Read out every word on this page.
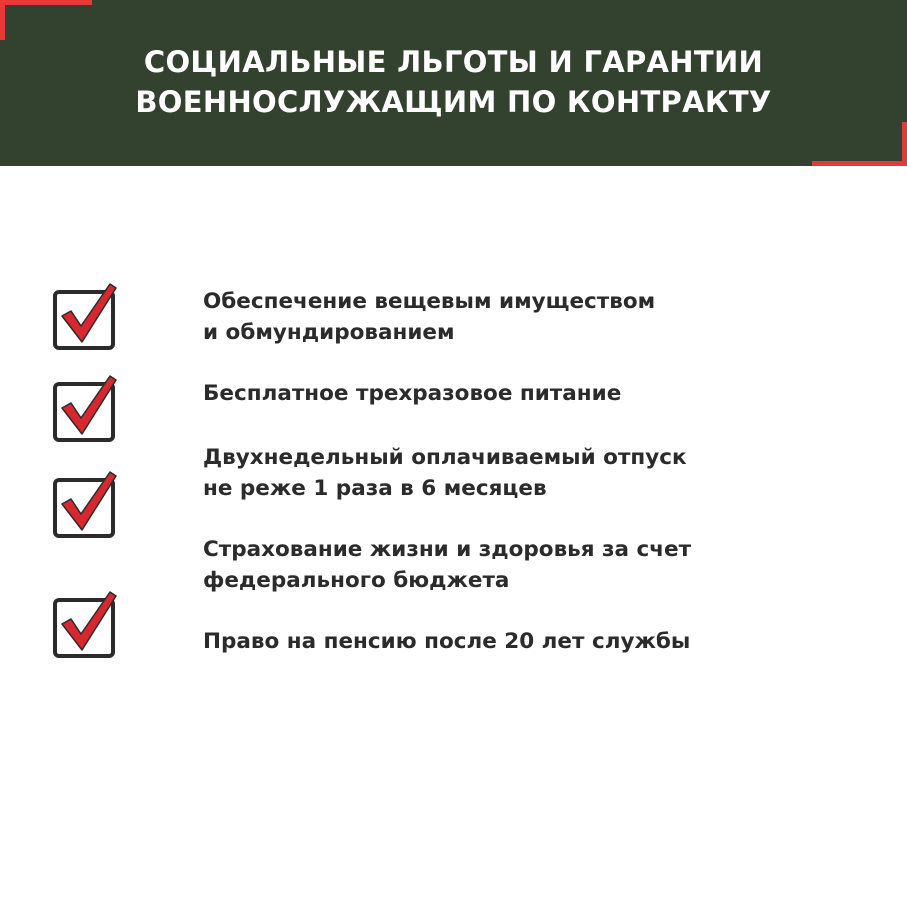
СОЦИАЛЬНЫЕ ЛЬГОТЫ И ГАРАНТИИ
ВОЕННОСЛУЖАЩИМ ПО КОНТРАКТУ
Обеспечение вещевым имуществом
и обмундированием
Бесплатное трехразовое питание
Двухнедельный оплачиваемый отпуск
не реже 1 раза в 6 месяцев
Страхование жизни и здоровья за счет
федерального бюджета
Право на пенсию после 20 лет службы
